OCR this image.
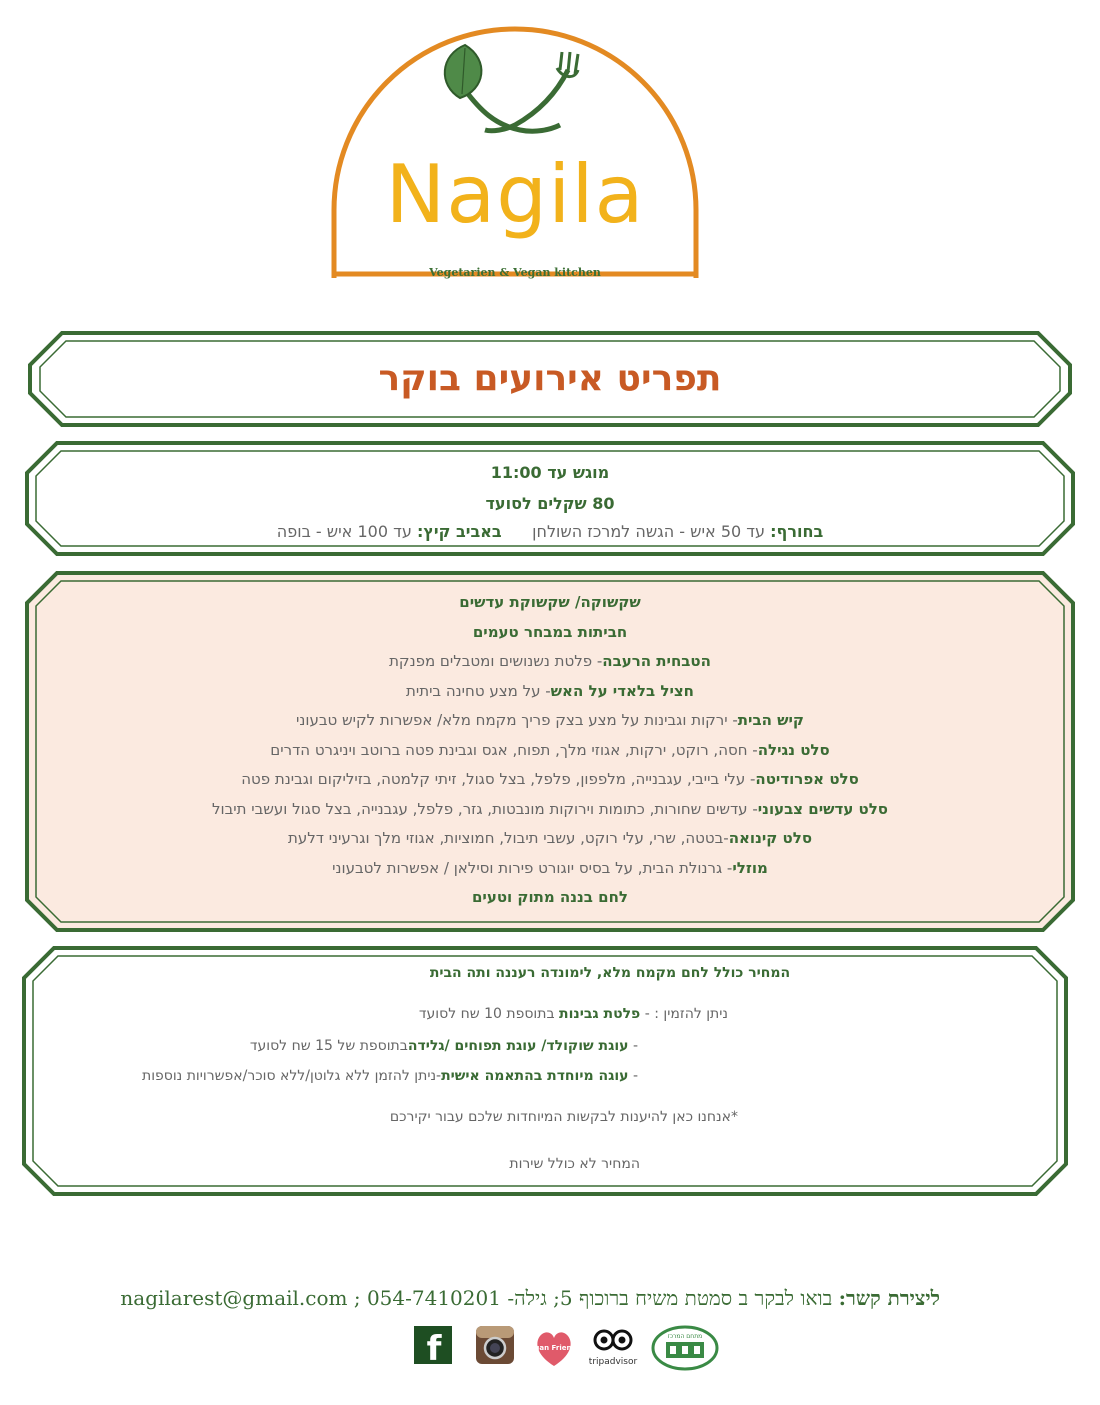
Nagila
Vegetarien & Vegan kitchen
תפריט אירועים בוקר
מוגש עד 11:00
80 שקלים לסועד
בחורף: עד 50 איש - הגשה למרכז השולחן      באביב קיץ: עד 100 איש - בופה
שקשוקה/ שקשוקת עדשים
חביתות במבחר טעמים
הטבחית הרעבה- פלטת נשנושים ומטבלים מפנקת
חציל בלאדי על האש- על מצע טחינה ביתית
קיש הבית- ירקות וגבינות על מצע בצק פריך מקמח מלא/ אפשרות לקיש טבעוני
סלט נגילה- חסה, רוקט, ירקות, אגוזי מלך, תפוח, אגס וגבינת פטה ברוטב ויניגרט הדרים
סלט אפרודיטה- עלי בייבי, עגבנייה, מלפפון, פלפל, בצל סגול, זיתי קלמטה, בזיליקום וגבינת פטה
סלט עדשים צבעוני- עדשים שחורות, כתומות וירוקות מונבטות, גזר, פלפל, עגבנייה, בצל סגול ועשבי תיבול
סלט קינואה-בטטה, שרי, עלי רוקט, עשבי תיבול, חמוציות, אגוזי מלך וגרעיני דלעת
מוזלי- גרנולת הבית, על בסיס יוגורט פירות וסילאן / אפשרות לטבעוני
לחם בננה מתוק וטעים
המחיר כולל לחם מקמח מלא, לימונדה רעננה ותה הבית
ניתן להזמין : - פלטת גבינות בתוספת 10 שח לסועד
- עוגת שוקולד/ עוגת תפוחים /גלידהבתוספת של 15 שח לסועד
- עוגה מיוחדת בהתאמה אישית-ניתן להזמן ללא גלוטן/ללא סוכר/אפשרויות נוספות
*אנחנו כאן להיענות לבקשות המיוחדות שלכם עבור יקירכם
המחיר לא כולל שירות
ליצירת קשר: בואו לבקר ב סמטת משיח ברוכוף 5; גילה- 054-7410201 ; nagilarest@gmail.com
f	Vegan Friendly
tripadvisor
מתחם המרכז
